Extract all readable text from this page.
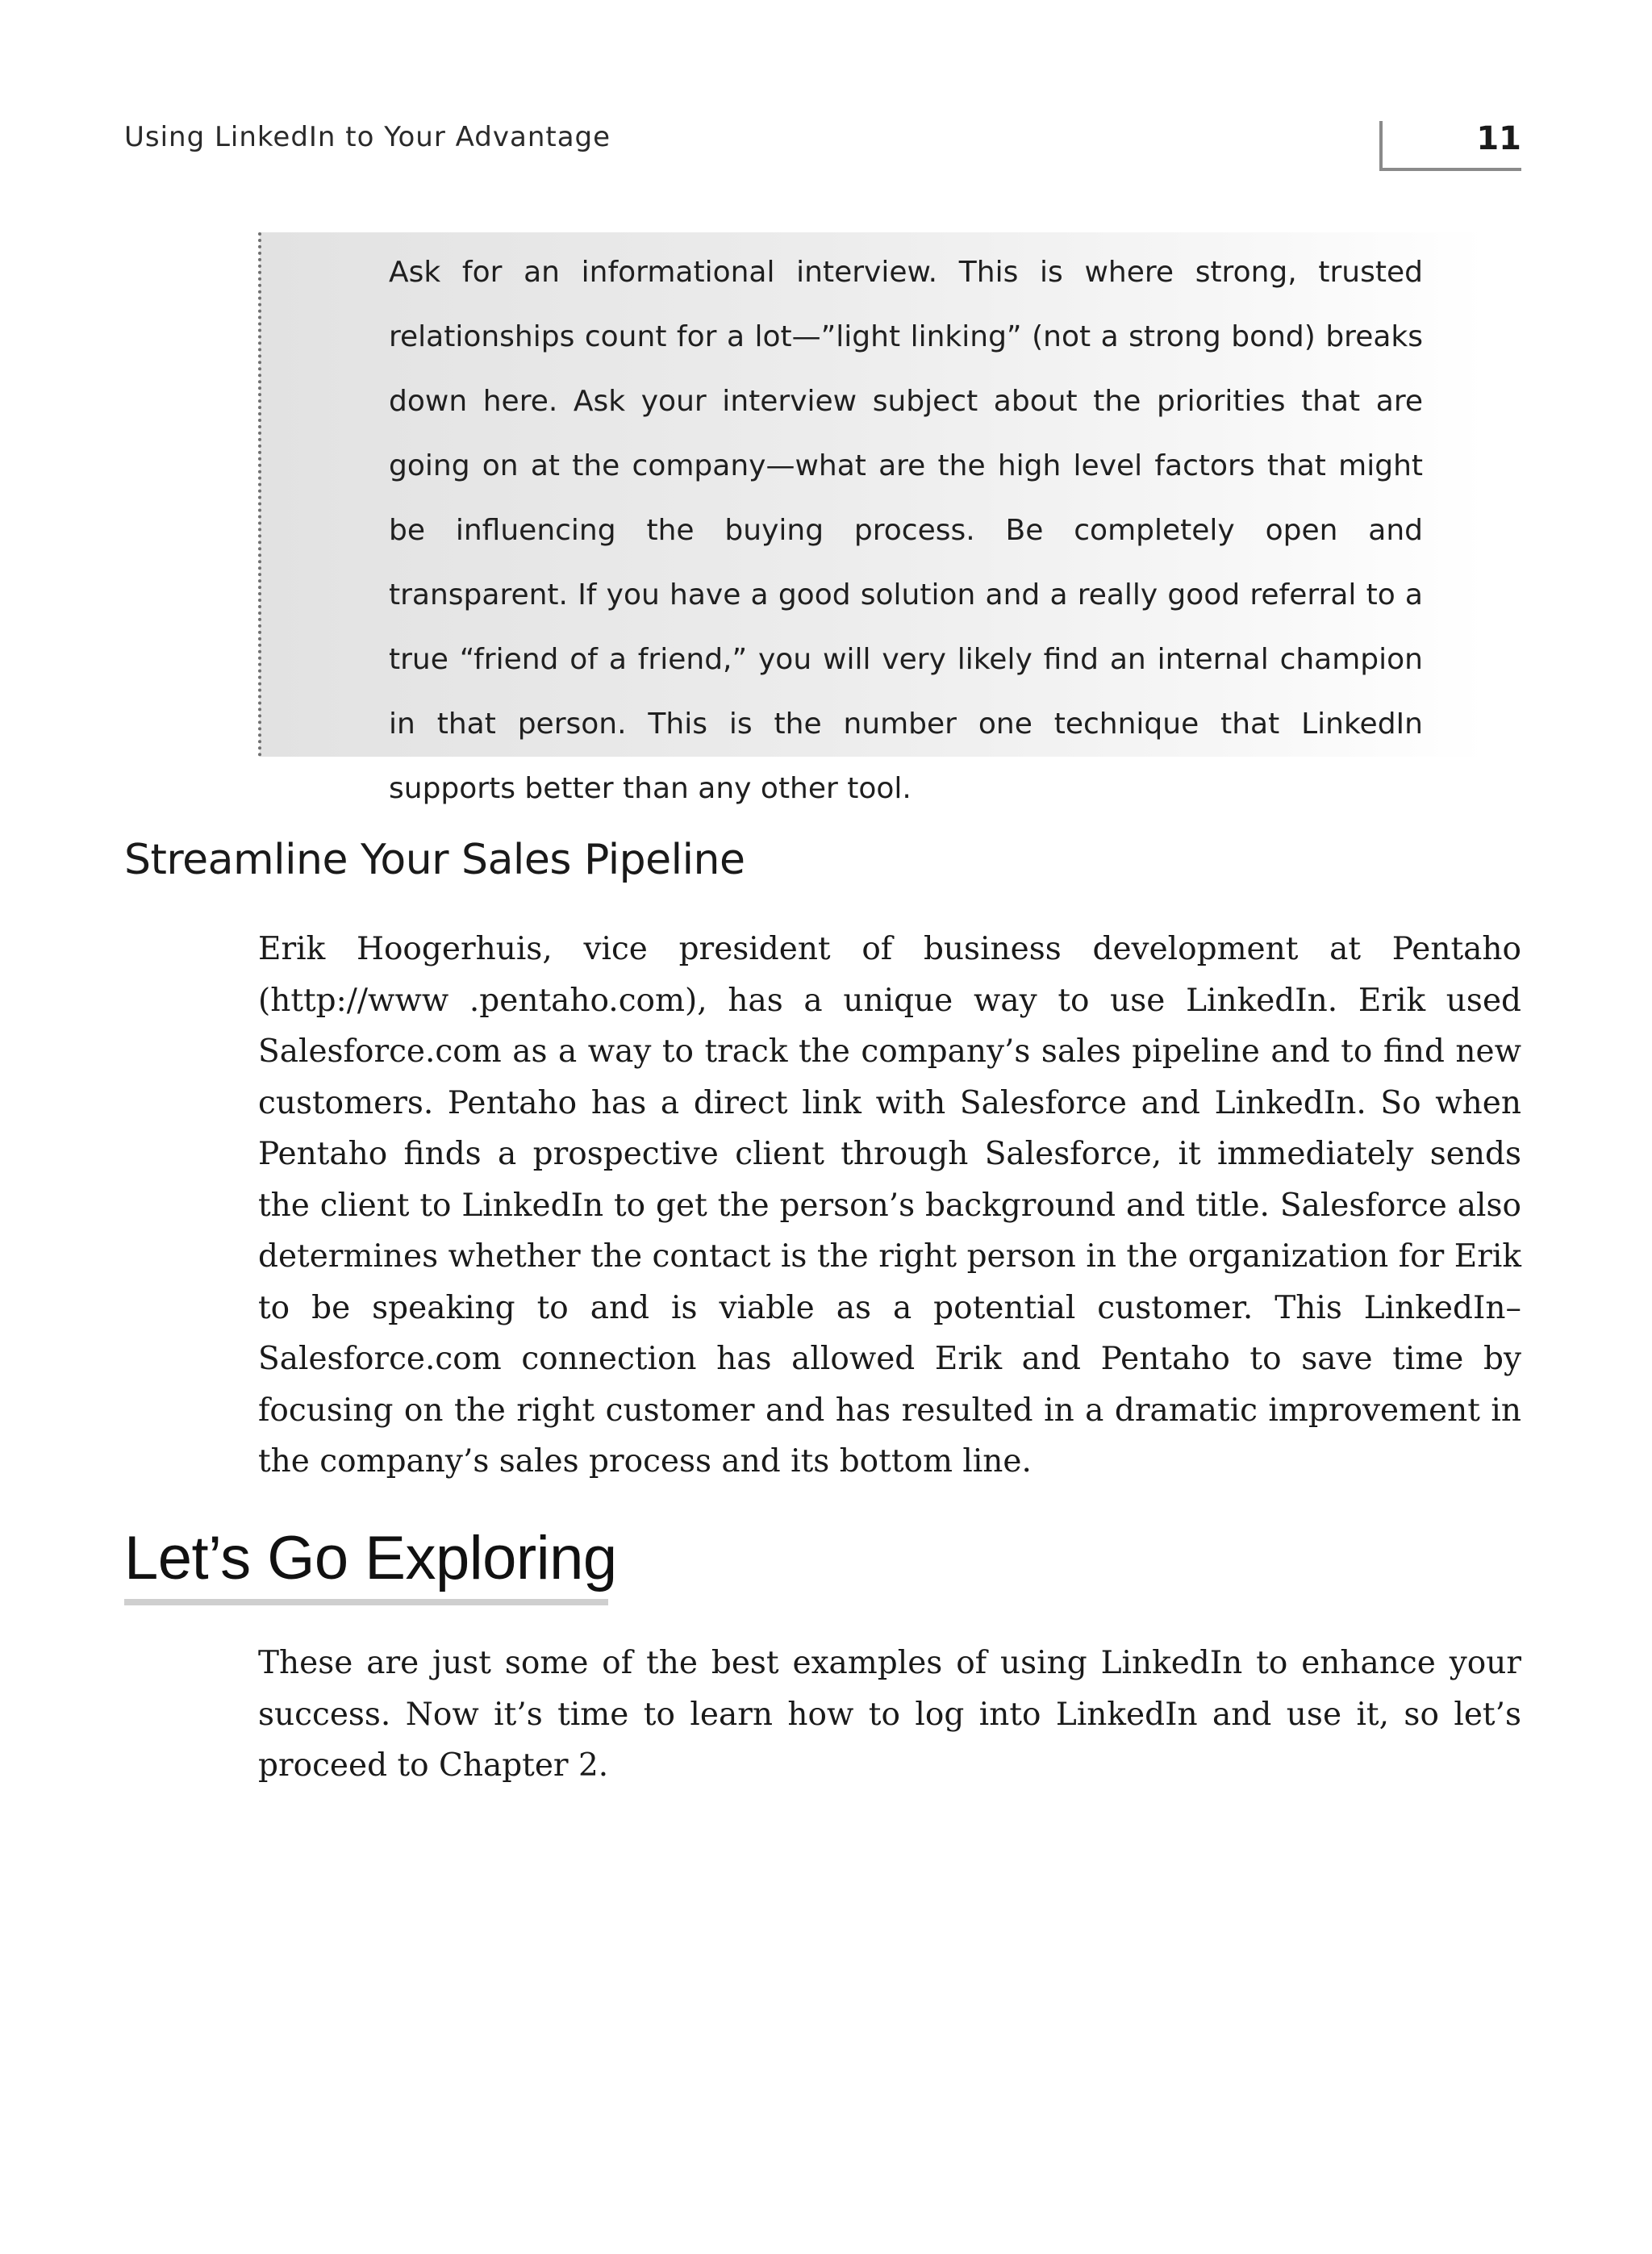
Using LinkedIn to Your Advantage	11

Ask for an informational interview. This is where strong, trusted relationships count for a lot—”light linking” (not a strong bond) breaks down here. Ask your interview subject about the priorities that are going on at the company—what are the high level factors that might be influencing the buying process. Be completely open and transparent. If you have a good solution and a really good referral to a true “friend of a friend,” you will very likely find an internal champion in that person. This is the number one technique that LinkedIn supports better than any other tool.

Streamline Your Sales Pipeline

Erik Hoogerhuis, vice president of business development at Pentaho (http://www .pentaho.com), has a unique way to use LinkedIn. Erik used Salesforce.com as a way to track the company’s sales pipeline and to find new customers. Pentaho has a direct link with Salesforce and LinkedIn. So when Pentaho finds a prospective client through Salesforce, it immediately sends the client to LinkedIn to get the person’s background and title. Salesforce also determines whether the contact is the right person in the organization for Erik to be speaking to and is viable as a potential customer. This LinkedIn–Salesforce.com connection has allowed Erik and Pentaho to save time by focusing on the right customer and has resulted in a dramatic improvement in the company’s sales process and its bottom line.

Let’s Go Exploring

These are just some of the best examples of using LinkedIn to enhance your success. Now it’s time to learn how to log into LinkedIn and use it, so let’s proceed to Chapter 2.
